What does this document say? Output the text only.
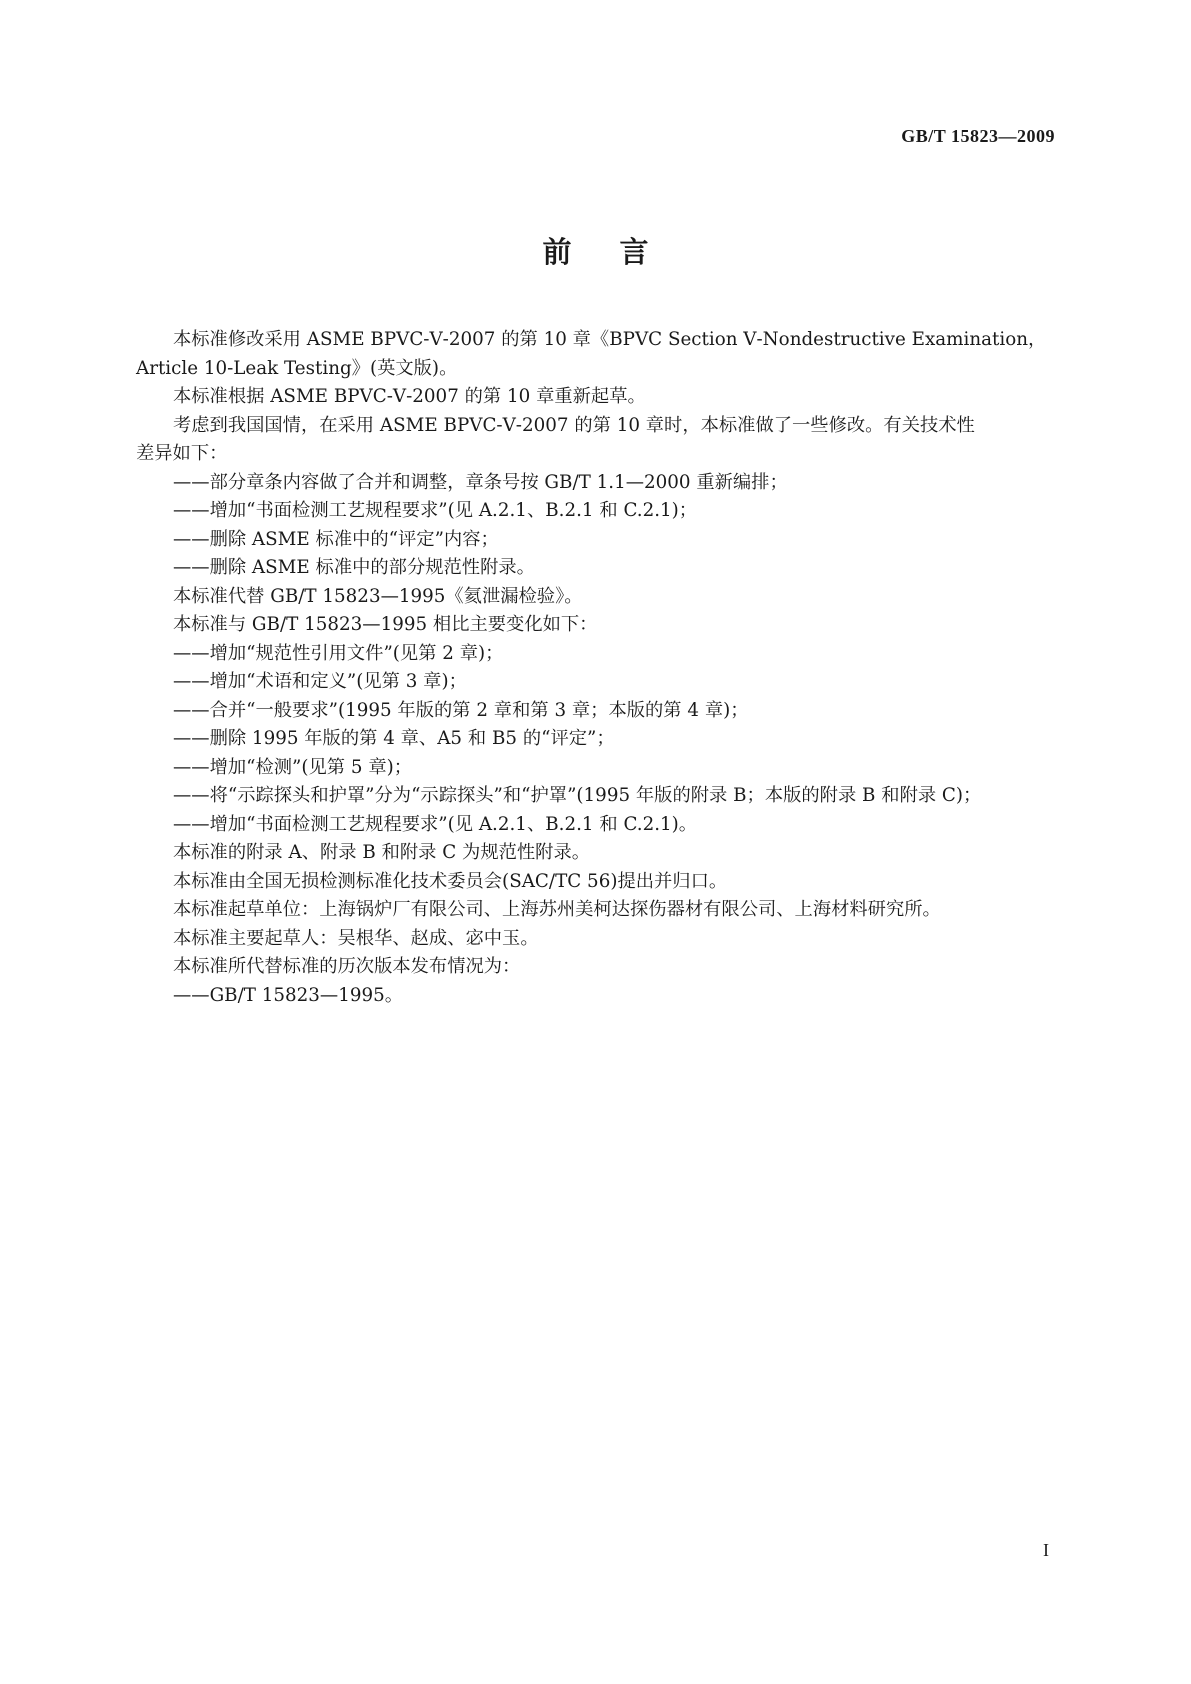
GB/T 15823—2009
前言

本标准修改采用 ASME BPVC-Ⅴ-2007 的第 10 章《BPVC Section Ⅴ-Nondestructive Examination，

Article 10-Leak Testing》(英文版)。

本标准根据 ASME BPVC-Ⅴ-2007 的第 10 章重新起草。

考虑到我国国情，在采用 ASME BPVC-Ⅴ-2007 的第 10 章时，本标准做了一些修改。有关技术性

差异如下：

——部分章条内容做了合并和调整，章条号按 GB/T 1.1—2000 重新编排；

——增加“书面检测工艺规程要求”(见 A.2.1、B.2.1 和 C.2.1)；

——删除 ASME 标准中的“评定”内容；

——删除 ASME 标准中的部分规范性附录。

本标准代替 GB/T 15823—1995《氦泄漏检验》。

本标准与 GB/T 15823—1995 相比主要变化如下：

——增加“规范性引用文件”(见第 2 章)；

——增加“术语和定义”(见第 3 章)；

——合并“一般要求”(1995 年版的第 2 章和第 3 章；本版的第 4 章)；

——删除 1995 年版的第 4 章、A5 和 B5 的“评定”；

——增加“检测”(见第 5 章)；

——将“示踪探头和护罩”分为“示踪探头”和“护罩”(1995 年版的附录 B；本版的附录 B 和附录 C)；

——增加“书面检测工艺规程要求”(见 A.2.1、B.2.1 和 C.2.1)。

本标准的附录 A、附录 B 和附录 C 为规范性附录。

本标准由全国无损检测标准化技术委员会(SAC/TC 56)提出并归口。

本标准起草单位：上海锅炉厂有限公司、上海苏州美柯达探伤器材有限公司、上海材料研究所。

本标准主要起草人：吴根华、赵成、宓中玉。

本标准所代替标准的历次版本发布情况为：

——GB/T 15823—1995。

I
